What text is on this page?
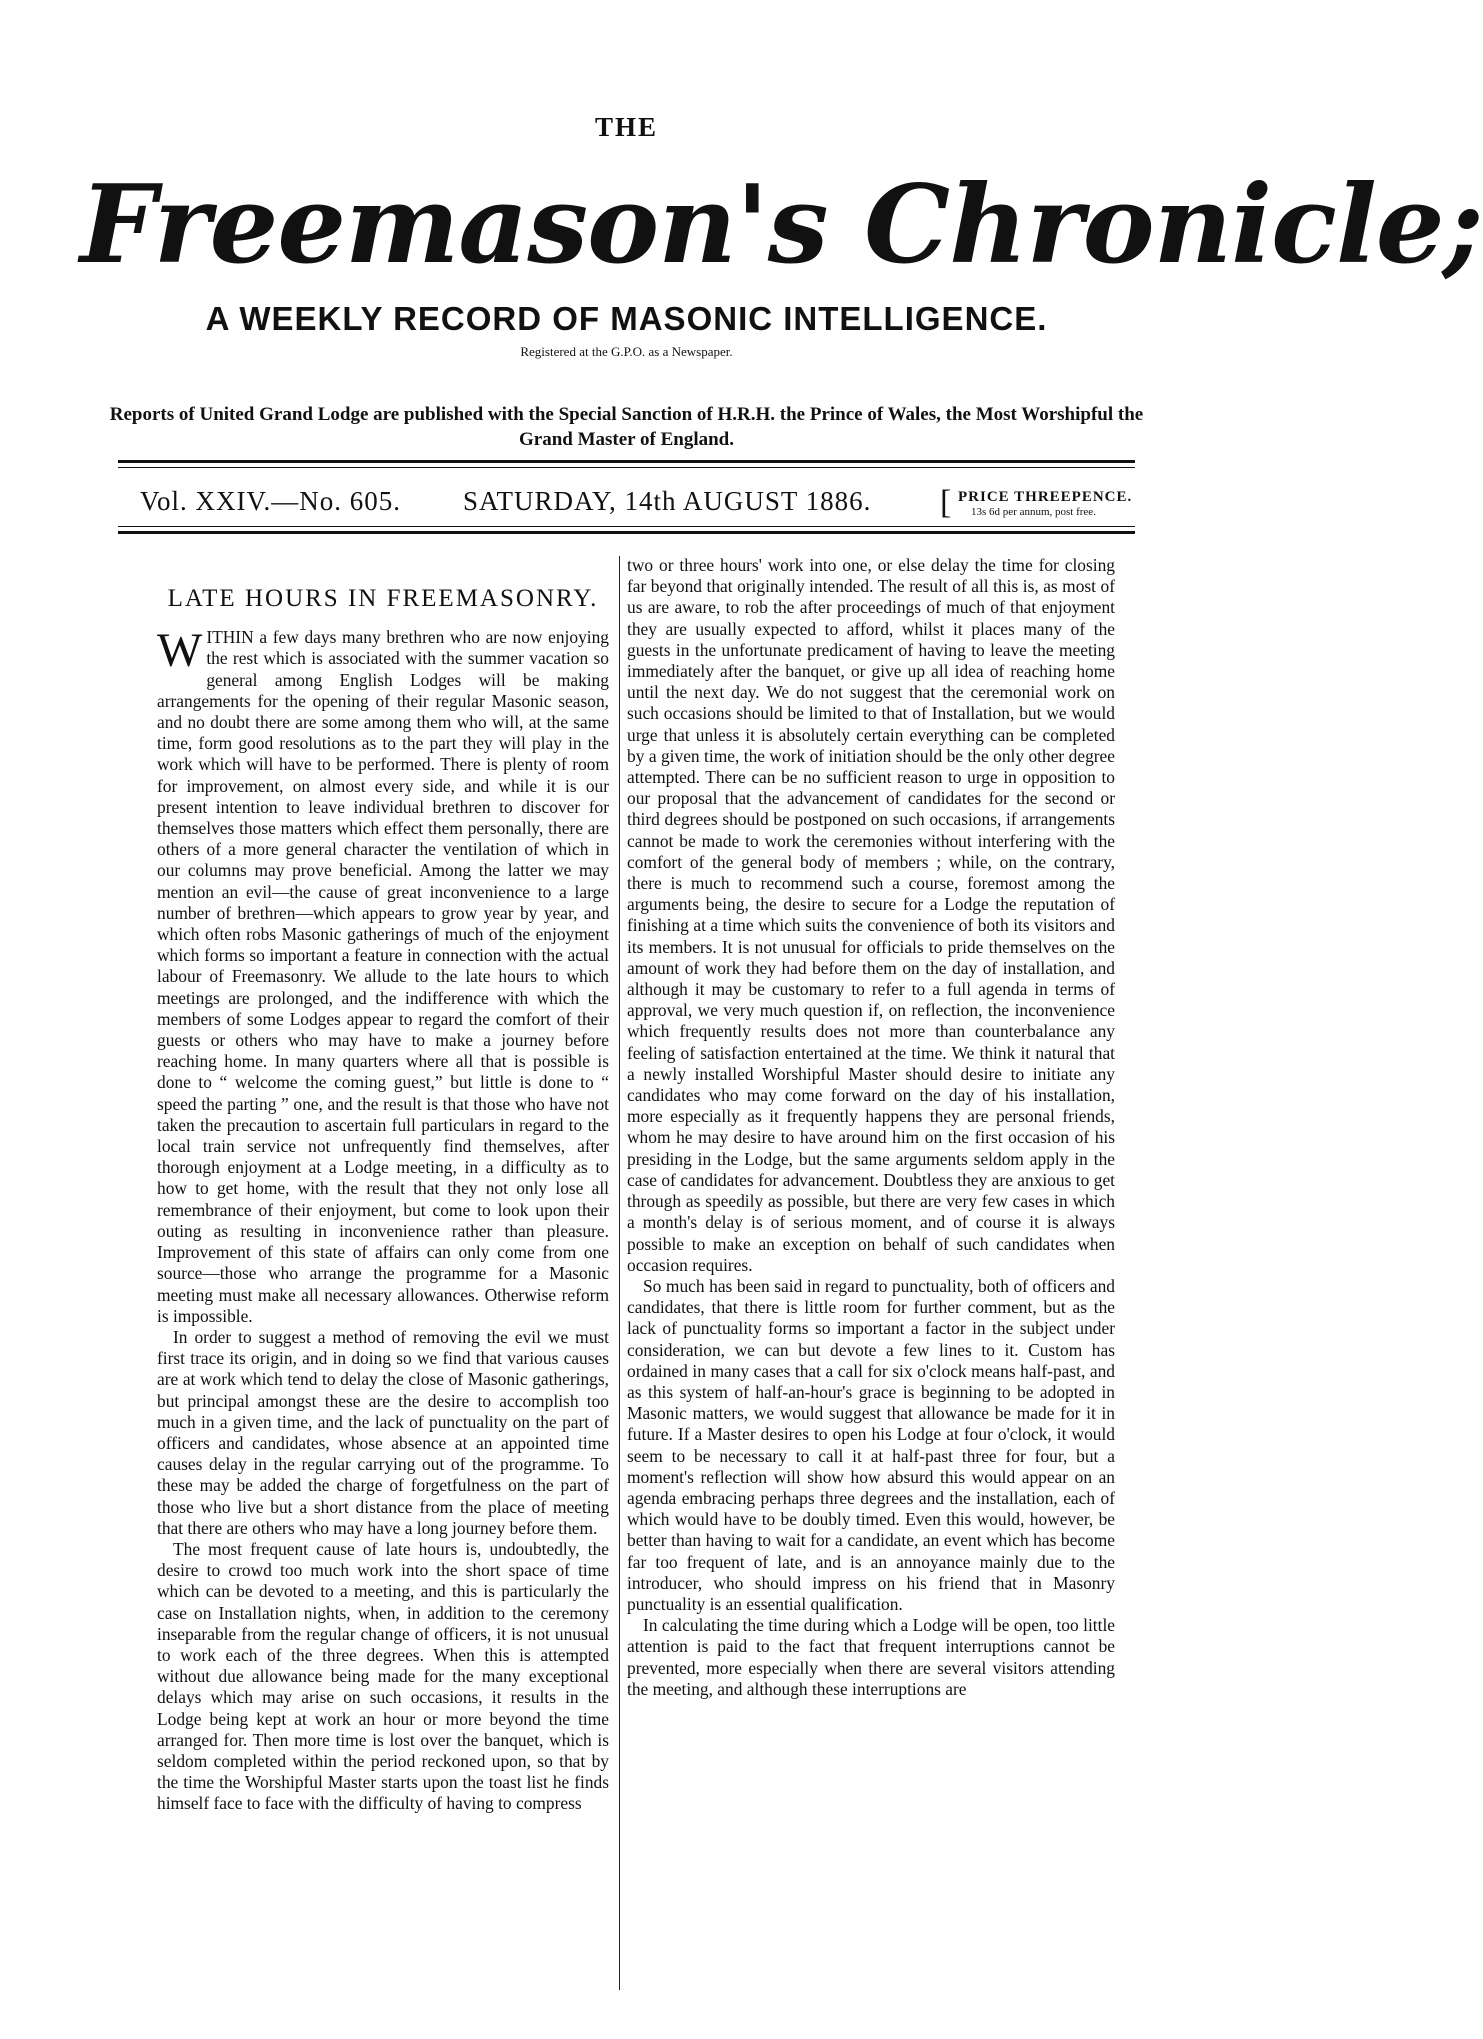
THE
Freemason's Chronicle;
A WEEKLY RECORD OF MASONIC INTELLIGENCE.
Registered at the G.P.O. as a Newspaper.
Reports of United Grand Lodge are published with the Special Sanction of H.R.H. the Prince of Wales, the Most Worshipful the Grand Master of England.
Vol. XXIV.—No. 605. SATURDAY, 14th AUGUST 1886. [ PRICE THREEPENCE.
13s 6d per annum, post free.
LATE HOURS IN FREEMASONRY.

WITHIN a few days many brethren who are now enjoying the rest which is associated with the summer vacation so general among English Lodges will be making arrangements for the opening of their regular Masonic season, and no doubt there are some among them who will, at the same time, form good resolutions as to the part they will play in the work which will have to be performed. There is plenty of room for improvement, on almost every side, and while it is our present intention to leave individual brethren to discover for themselves those matters which effect them personally, there are others of a more general character the ventilation of which in our columns may prove beneficial. Among the latter we may mention an evil—the cause of great inconvenience to a large number of brethren—which appears to grow year by year, and which often robs Masonic gatherings of much of the enjoyment which forms so important a feature in connection with the actual labour of Freemasonry. We allude to the late hours to which meetings are prolonged, and the indifference with which the members of some Lodges appear to regard the comfort of their guests or others who may have to make a journey before reaching home. In many quarters where all that is possible is done to “ welcome the coming guest,” but little is done to “ speed the parting ” one, and the result is that those who have not taken the precaution to ascertain full particulars in regard to the local train service not unfrequently find themselves, after thorough enjoyment at a Lodge meeting, in a difficulty as to how to get home, with the result that they not only lose all remembrance of their enjoyment, but come to look upon their outing as resulting in inconvenience rather than pleasure. Improvement of this state of affairs can only come from one source—those who arrange the programme for a Masonic meeting must make all necessary allowances. Otherwise reform is impossible.

In order to suggest a method of removing the evil we must first trace its origin, and in doing so we find that various causes are at work which tend to delay the close of Masonic gatherings, but principal amongst these are the desire to accomplish too much in a given time, and the lack of punctuality on the part of officers and candidates, whose absence at an appointed time causes delay in the regular carrying out of the programme. To these may be added the charge of forgetfulness on the part of those who live but a short distance from the place of meeting that there are others who may have a long journey before them.

The most frequent cause of late hours is, undoubtedly, the desire to crowd too much work into the short space of time which can be devoted to a meeting, and this is particularly the case on Installation nights, when, in addition to the ceremony inseparable from the regular change of officers, it is not unusual to work each of the three degrees. When this is attempted without due allowance being made for the many exceptional delays which may arise on such occasions, it results in the Lodge being kept at work an hour or more beyond the time arranged for. Then more time is lost over the banquet, which is seldom completed within the period reckoned upon, so that by the time the Worshipful Master starts upon the toast list he finds himself face to face with the difficulty of having to compress

two or three hours' work into one, or else delay the time for closing far beyond that originally intended. The result of all this is, as most of us are aware, to rob the after proceedings of much of that enjoyment they are usually expected to afford, whilst it places many of the guests in the unfortunate predicament of having to leave the meeting immediately after the banquet, or give up all idea of reaching home until the next day. We do not suggest that the ceremonial work on such occasions should be limited to that of Installation, but we would urge that unless it is absolutely certain everything can be completed by a given time, the work of initiation should be the only other degree attempted. There can be no sufficient reason to urge in opposition to our proposal that the advancement of candidates for the second or third degrees should be postponed on such occasions, if arrangements cannot be made to work the ceremonies without interfering with the comfort of the general body of members ; while, on the contrary, there is much to recommend such a course, foremost among the arguments being, the desire to secure for a Lodge the reputation of finishing at a time which suits the convenience of both its visitors and its members. It is not unusual for officials to pride themselves on the amount of work they had before them on the day of installation, and although it may be customary to refer to a full agenda in terms of approval, we very much question if, on reflection, the inconvenience which frequently results does not more than counterbalance any feeling of satisfaction entertained at the time. We think it natural that a newly installed Worshipful Master should desire to initiate any candidates who may come forward on the day of his installation, more especially as it frequently happens they are personal friends, whom he may desire to have around him on the first occasion of his presiding in the Lodge, but the same arguments seldom apply in the case of candidates for advancement. Doubtless they are anxious to get through as speedily as possible, but there are very few cases in which a month's delay is of serious moment, and of course it is always possible to make an exception on behalf of such candidates when occasion requires.

So much has been said in regard to punctuality, both of officers and candidates, that there is little room for further comment, but as the lack of punctuality forms so important a factor in the subject under consideration, we can but devote a few lines to it. Custom has ordained in many cases that a call for six o'clock means half-past, and as this system of half-an-hour's grace is beginning to be adopted in Masonic matters, we would suggest that allowance be made for it in future. If a Master desires to open his Lodge at four o'clock, it would seem to be necessary to call it at half-past three for four, but a moment's reflection will show how absurd this would appear on an agenda embracing perhaps three degrees and the installation, each of which would have to be doubly timed. Even this would, however, be better than having to wait for a candidate, an event which has become far too frequent of late, and is an annoyance mainly due to the introducer, who should impress on his friend that in Masonry punctuality is an essential qualification.

In calculating the time during which a Lodge will be open, too little attention is paid to the fact that frequent interruptions cannot be prevented, more especially when there are several visitors attending the meeting, and although these interruptions are
